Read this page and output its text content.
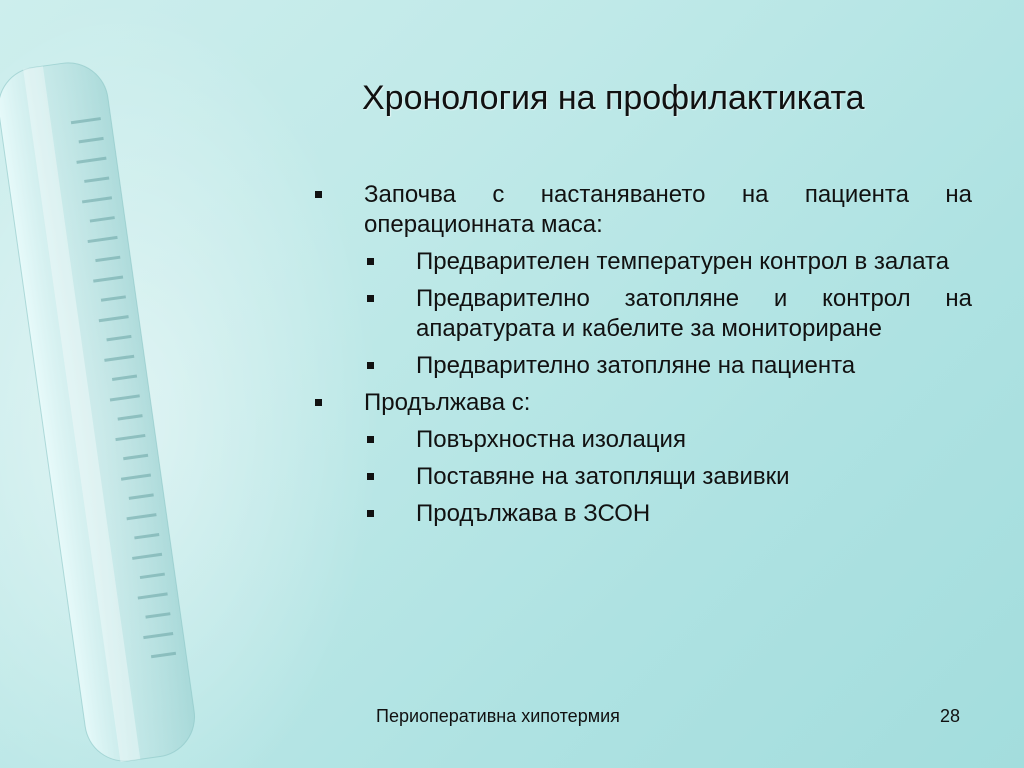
Хронология на профилактиката
Започва с настаняването на пациента на операционната маса:
Предварителен температурен контрол в залата
Предварително затопляне и контрол на апаратурата и кабелите за мониториране
Предварително затопляне на пациента
Продължава с:
Повърхностна изолация
Поставяне на затоплящи завивки
Продължава в ЗСОН
Периоперативна хипотермия	28
